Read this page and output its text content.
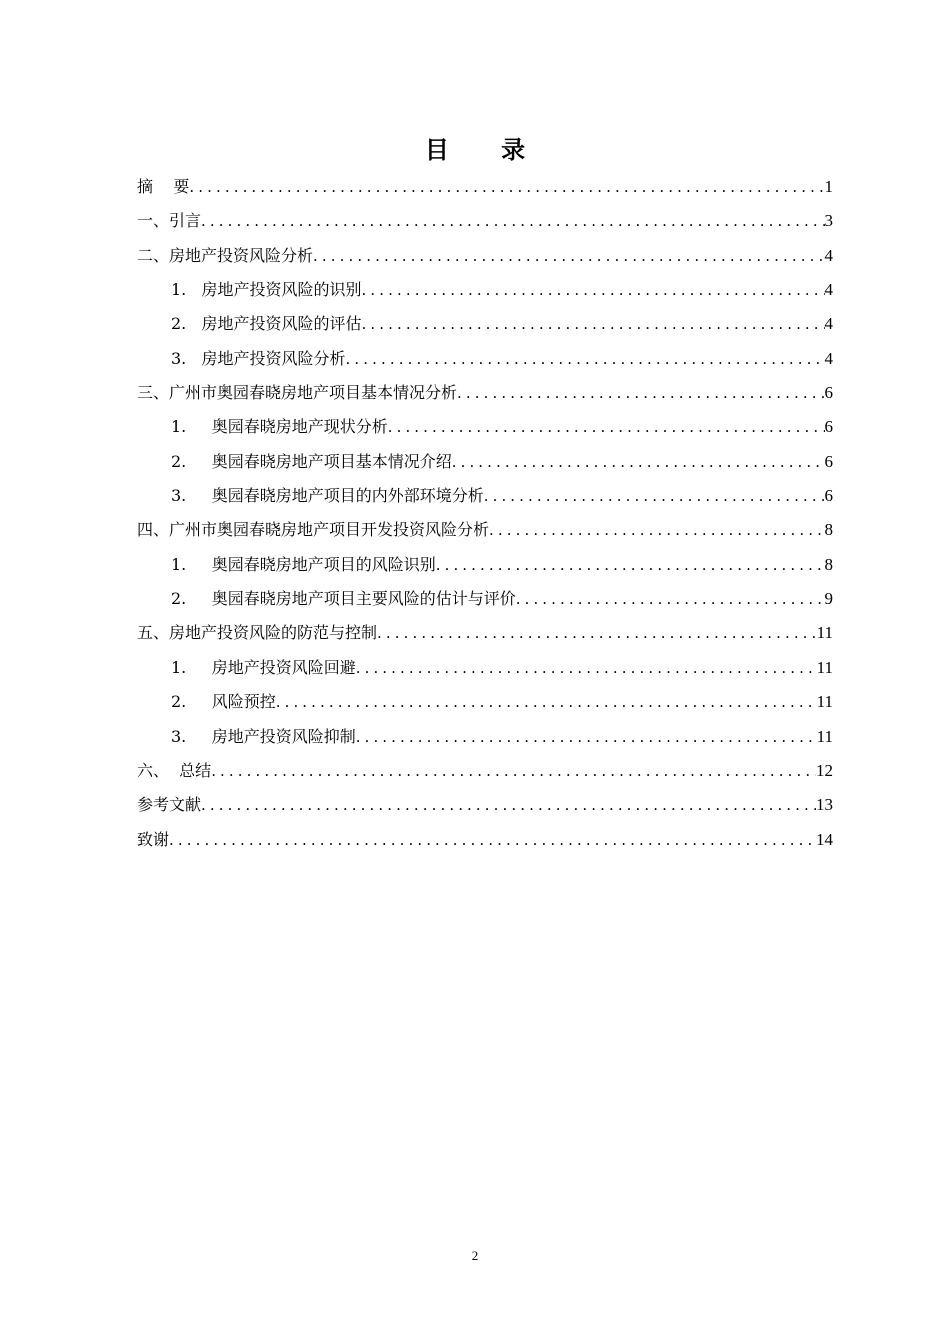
目 录
摘    要 .....	1
一、引言 .....	3
二、房地产投资风险分析 .....	4
1.   房地产投资风险的识别 .....	4
2.   房地产投资风险的评估 .....	4
3.   房地产投资风险分析 .....	4
三、广州市奥园春晓房地产项目基本情况分析 .....	6
1.     奥园春晓房地产现状分析 .....	6
2.     奥园春晓房地产项目基本情况介绍 .....	6
3.     奥园春晓房地产项目的内外部环境分析 .....	6
四、广州市奥园春晓房地产项目开发投资风险分析 .....	8
1.     奥园春晓房地产项目的风险识别 .....	8
2.     奥园春晓房地产项目主要风险的估计与评价 .....	9
五、房地产投资风险的防范与控制 .....	11
1.     房地产投资风险回避 .....	11
2.     风险预控 .....	11
3.     房地产投资风险抑制 .....	11
六、  总结 .....	12
参考文献 .....	13
致谢 .....	14
2
